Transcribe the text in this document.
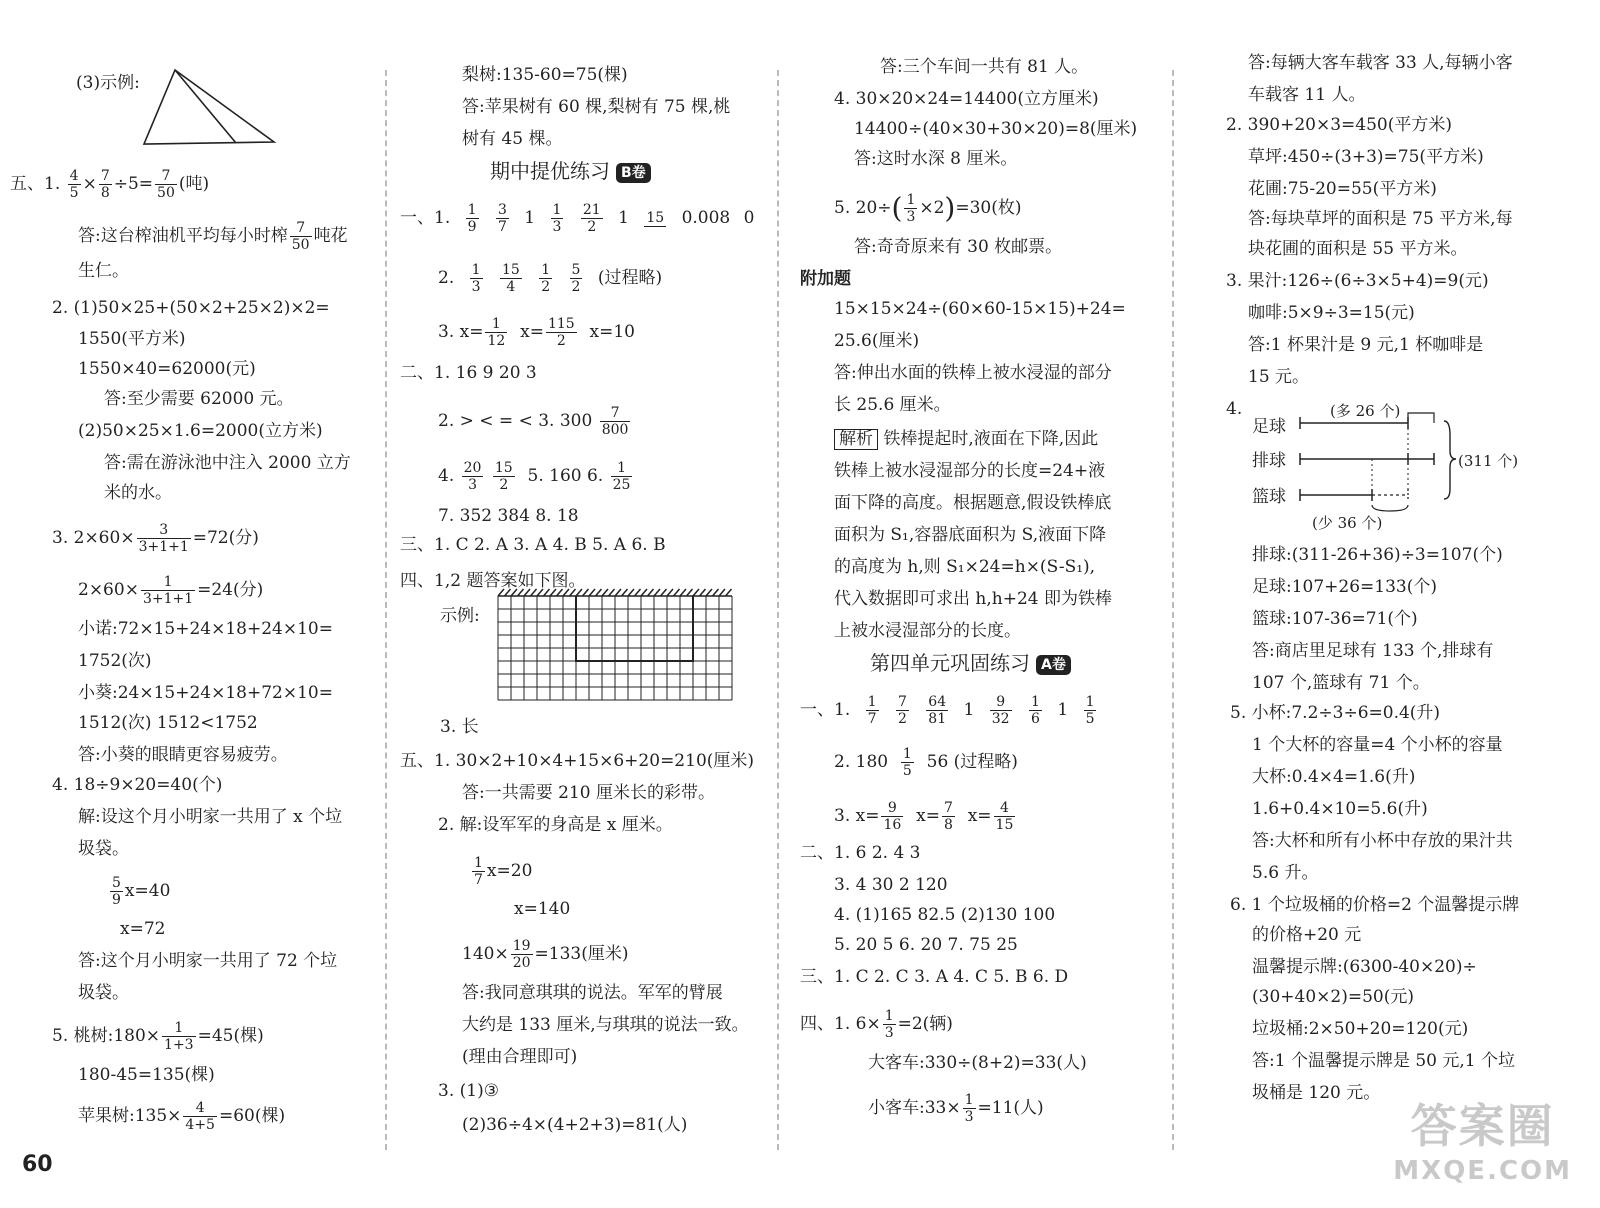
(3)示例:
五、1. $\frac{4}{5} \times \frac{7}{8} \div 5= \frac{7}{50}$ (吨)
答:这台榨油机平均每小时榨 $\frac{7}{50}$ 吨花
生仁。
2. (1)50×25+(50×2+25×2)×2=
1550(平方米)
1550×40=62000(元)
答:至少需要 62000 元。
(2)50×25×1.6=2000(立方米)
答:需在游泳池中注入 2000 立方
米的水。
3. $2\times 60\times \frac{3}{3+1+1} =72$(分)
$2\times 60\times \frac{1}{3+1+1} =24$(分)
小诺:72×15+24×18+24×10=
1752(次)
小葵:24×15+24×18+72×10=
1512(次) 1512<1752
答:小葵的眼睛更容易疲劳。
4. 18÷9×20=40(个)
解:设这个月小明家一共用了 x 个垃
圾袋。
$\frac{5}{9} x=40$
x=72
答:这个月小明家一共用了 72 个垃
圾袋。
5. 桃树:180× $\frac{1}{1+3} =45$(棵)
180-45=135(棵)
苹果树:135× $\frac{4}{4+5} =60$(棵)
梨树:135-60=75(棵)
答:苹果树有 60 棵,梨树有 75 棵,桃
树有 45 棵。
期中提优练习 B卷
一、1. $\frac{1}{9}$
$\frac{3}{7} 1 \frac{1}{3}$
$\frac{21}{2} 1$ 15 0.008 0
2. $\frac{1}{3}$
$\frac{15}{4}$
$\frac{1}{2}$
$\frac{5}{2}$ (过程略)
3. $x= \frac{1}{12} x= \frac{115}{2} x=10$
二、1. 16 9 20 3
2. > < = < 3. $300 \frac{7}{800}$
4. $\frac{20}{3}$
$\frac{15}{2} 5$. 160 6. $\frac{1}{25}$
7. 352 384 8. 18
三、1. C 2. A 3. A 4. B 5. A 6. B
四、1,2 题答案如下图。
示例:
3. 长
五、1. 30×2+10×4+15×6+20=210(厘米)
答:一共需要 210 厘米长的彩带。
2. 解:设军军的身高是 x 厘米。
$\frac{1}{7} x=20$
x=140
$140\times \frac{19}{20} =133$(厘米)
答:我同意琪琪的说法。军军的臂展
大约是 133 厘米,与琪琪的说法一致。
(理由合理即可)
3. (1)③
(2)36÷4×(4+2+3)=81(人)
答:三个车间一共有 81 人。
4. 30×20×24=14400(立方厘米)
14400÷(40×30+30×20)=8(厘米)
答:这时水深 8 厘米。
5. $20\div( \frac{1}{3} \times 2)=30$(枚)
答:奇奇原来有 30 枚邮票。
附加题
15×15×24÷(60×60-15×15)+24=
25.6(厘米)
答:伸出水面的铁棒上被水浸湿的部分
长 25.6 厘米。
解析 铁棒提起时,液面在下降,因此
铁棒上被水浸湿部分的长度=24+液
面下降的高度。根据题意,假设铁棒底
面积为 S₁,容器底面积为 S,液面下降
的高度为 h,则 S₁×24=h×(S-S₁),
代入数据即可求出 h,h+24 即为铁棒
上被水浸湿部分的长度。
第四单元巩固练习 A卷
一、1. $\frac{1}{7}$
$\frac{7}{2}$
$\frac{64}{81} 1 \frac{9}{32}$
$\frac{1}{6} 1 \frac{1}{5}$
2. $180 \frac{1}{5} 56$ (过程略)
3. $x= \frac{9}{16} x= \frac{7}{8} x= \frac{4}{15}$
二、1. 6 2. 4 3
3. 4 30 2 120
4. (1)165 82.5 (2)130 100
5. 20 5 6. 20 7. 75 25
三、1. C 2. C 3. A 4. C 5. B 6. D
四、1. $6\times \frac{1}{3} =2$(辆)
大客车:330÷(8+2)=33(人)
小客车:33× $\frac{1}{3} =11$(人)
答:每辆大客车载客 33 人,每辆小客
车载客 11 人。
2. 390+20×3=450(平方米)
草坪:450÷(3+3)=75(平方米)
花圃:75-20=55(平方米)
答:每块草坪的面积是 75 平方米,每
块花圃的面积是 55 平方米。
3. 果汁:126÷(6÷3×5+4)=9(元)
咖啡:5×9÷3=15(元)
答:1 杯果汁是 9 元,1 杯咖啡是
15 元。
4.	(多 26 个)
足球
排球
篮球
(311 个)
(少 36 个)
排球:(311-26+36)÷3=107(个)
足球:107+26=133(个)
篮球:107-36=71(个)
答:商店里足球有 133 个,排球有
107 个,篮球有 71 个。
5. 小杯:7.2÷3÷6=0.4(升)
1 个大杯的容量=4 个小杯的容量
大杯:0.4×4=1.6(升)
1.6+0.4×10=5.6(升)
答:大杯和所有小杯中存放的果汁共
5.6 升。
6. 1 个垃圾桶的价格=2 个温馨提示牌
的价格+20 元
温馨提示牌:(6300-40×20)÷
(30+40×2)=50(元)
垃圾桶:2×50+20=120(元)
答:1 个温馨提示牌是 50 元,1 个垃
圾桶是 120 元。
60
答案圈
MXQE.COM
